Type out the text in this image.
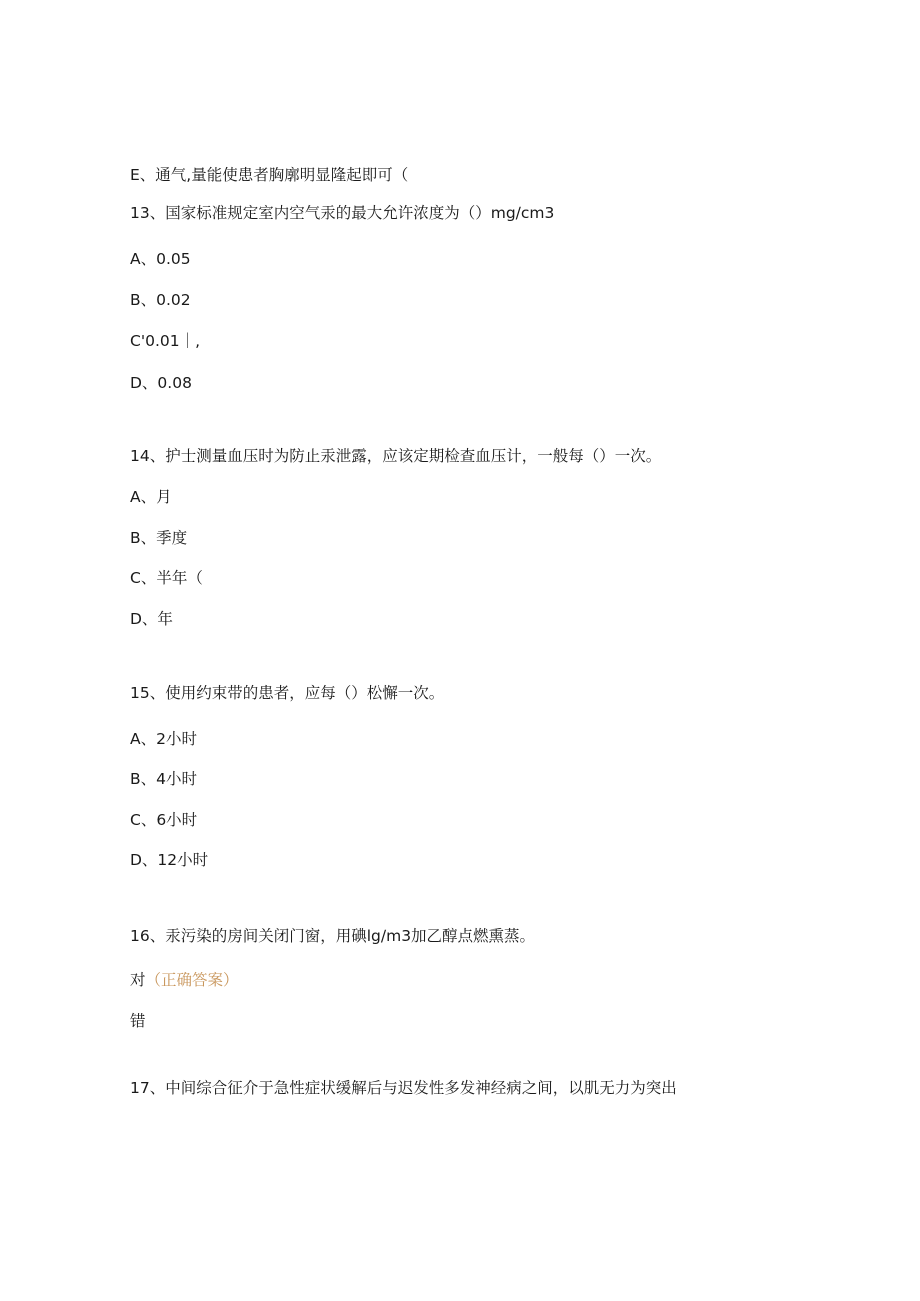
E、通气,量能使患者胸廓明显隆起即可（
13、国家标准规定室内空气汞的最大允许浓度为（）mg∕cm3
A、0.05
B、0.02
C'0.01｜,
D、0.08
14、护士测量血压时为防止汞泄露，应该定期检查血压计，一般每（）一次。
A、月
B、季度
C、半年（
D、年
15、使用约束带的患者，应每（）松懈一次。
A、2小时
B、4小时
C、6小时
D、12小时
16、汞污染的房间关闭门窗，用碘lg∕m3加乙醇点燃熏蒸。
对（正确答案）
错
17、中间综合征介于急性症状缓解后与迟发性多发神经病之间，以肌无力为突出
